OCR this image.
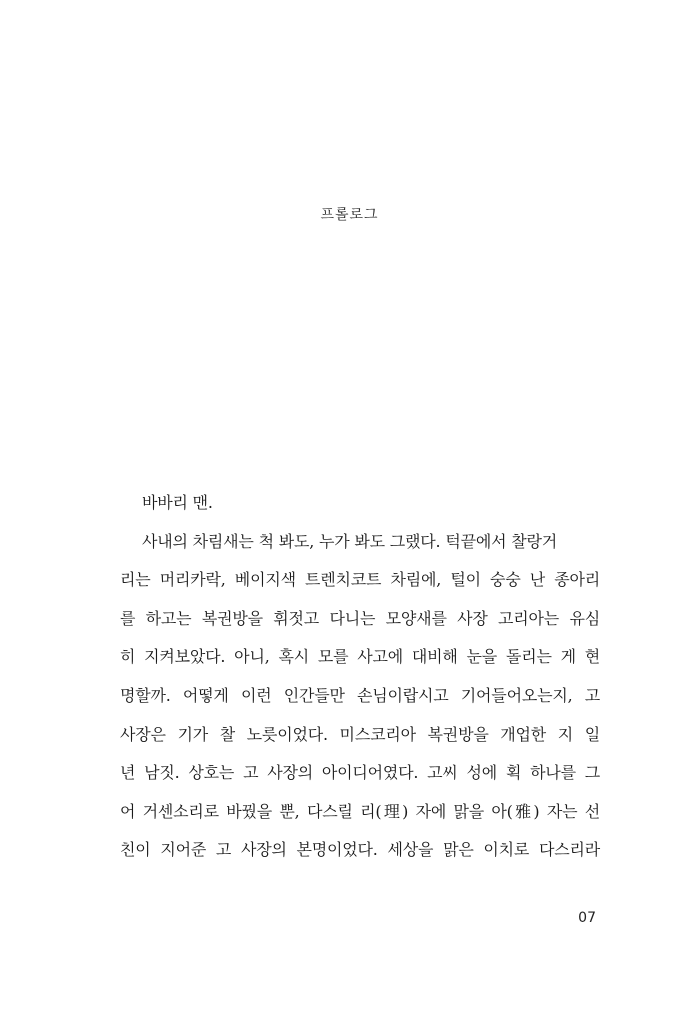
프롤로그
바바리 맨.
사내의 차림새는 척 봐도, 누가 봐도 그랬다. 턱끝에서 찰랑거
리는 머리카락, 베이지색 트렌치코트 차림에, 털이 숭숭 난 종아리
를 하고는 복권방을 휘젓고 다니는 모양새를 사장 고리아는 유심
히 지켜보았다. 아니, 혹시 모를 사고에 대비해 눈을 돌리는 게 현
명할까. 어떻게 이런 인간들만 손님이랍시고 기어들어오는지, 고
사장은 기가 찰 노릇이었다. 미스코리아 복권방을 개업한 지 일
년 남짓. 상호는 고 사장의 아이디어였다. 고씨 성에 획 하나를 그
어 거센소리로 바꿨을 뿐, 다스릴 리(理) 자에 맑을 아(雅) 자는 선
친이 지어준 고 사장의 본명이었다. 세상을 맑은 이치로 다스리라
07
